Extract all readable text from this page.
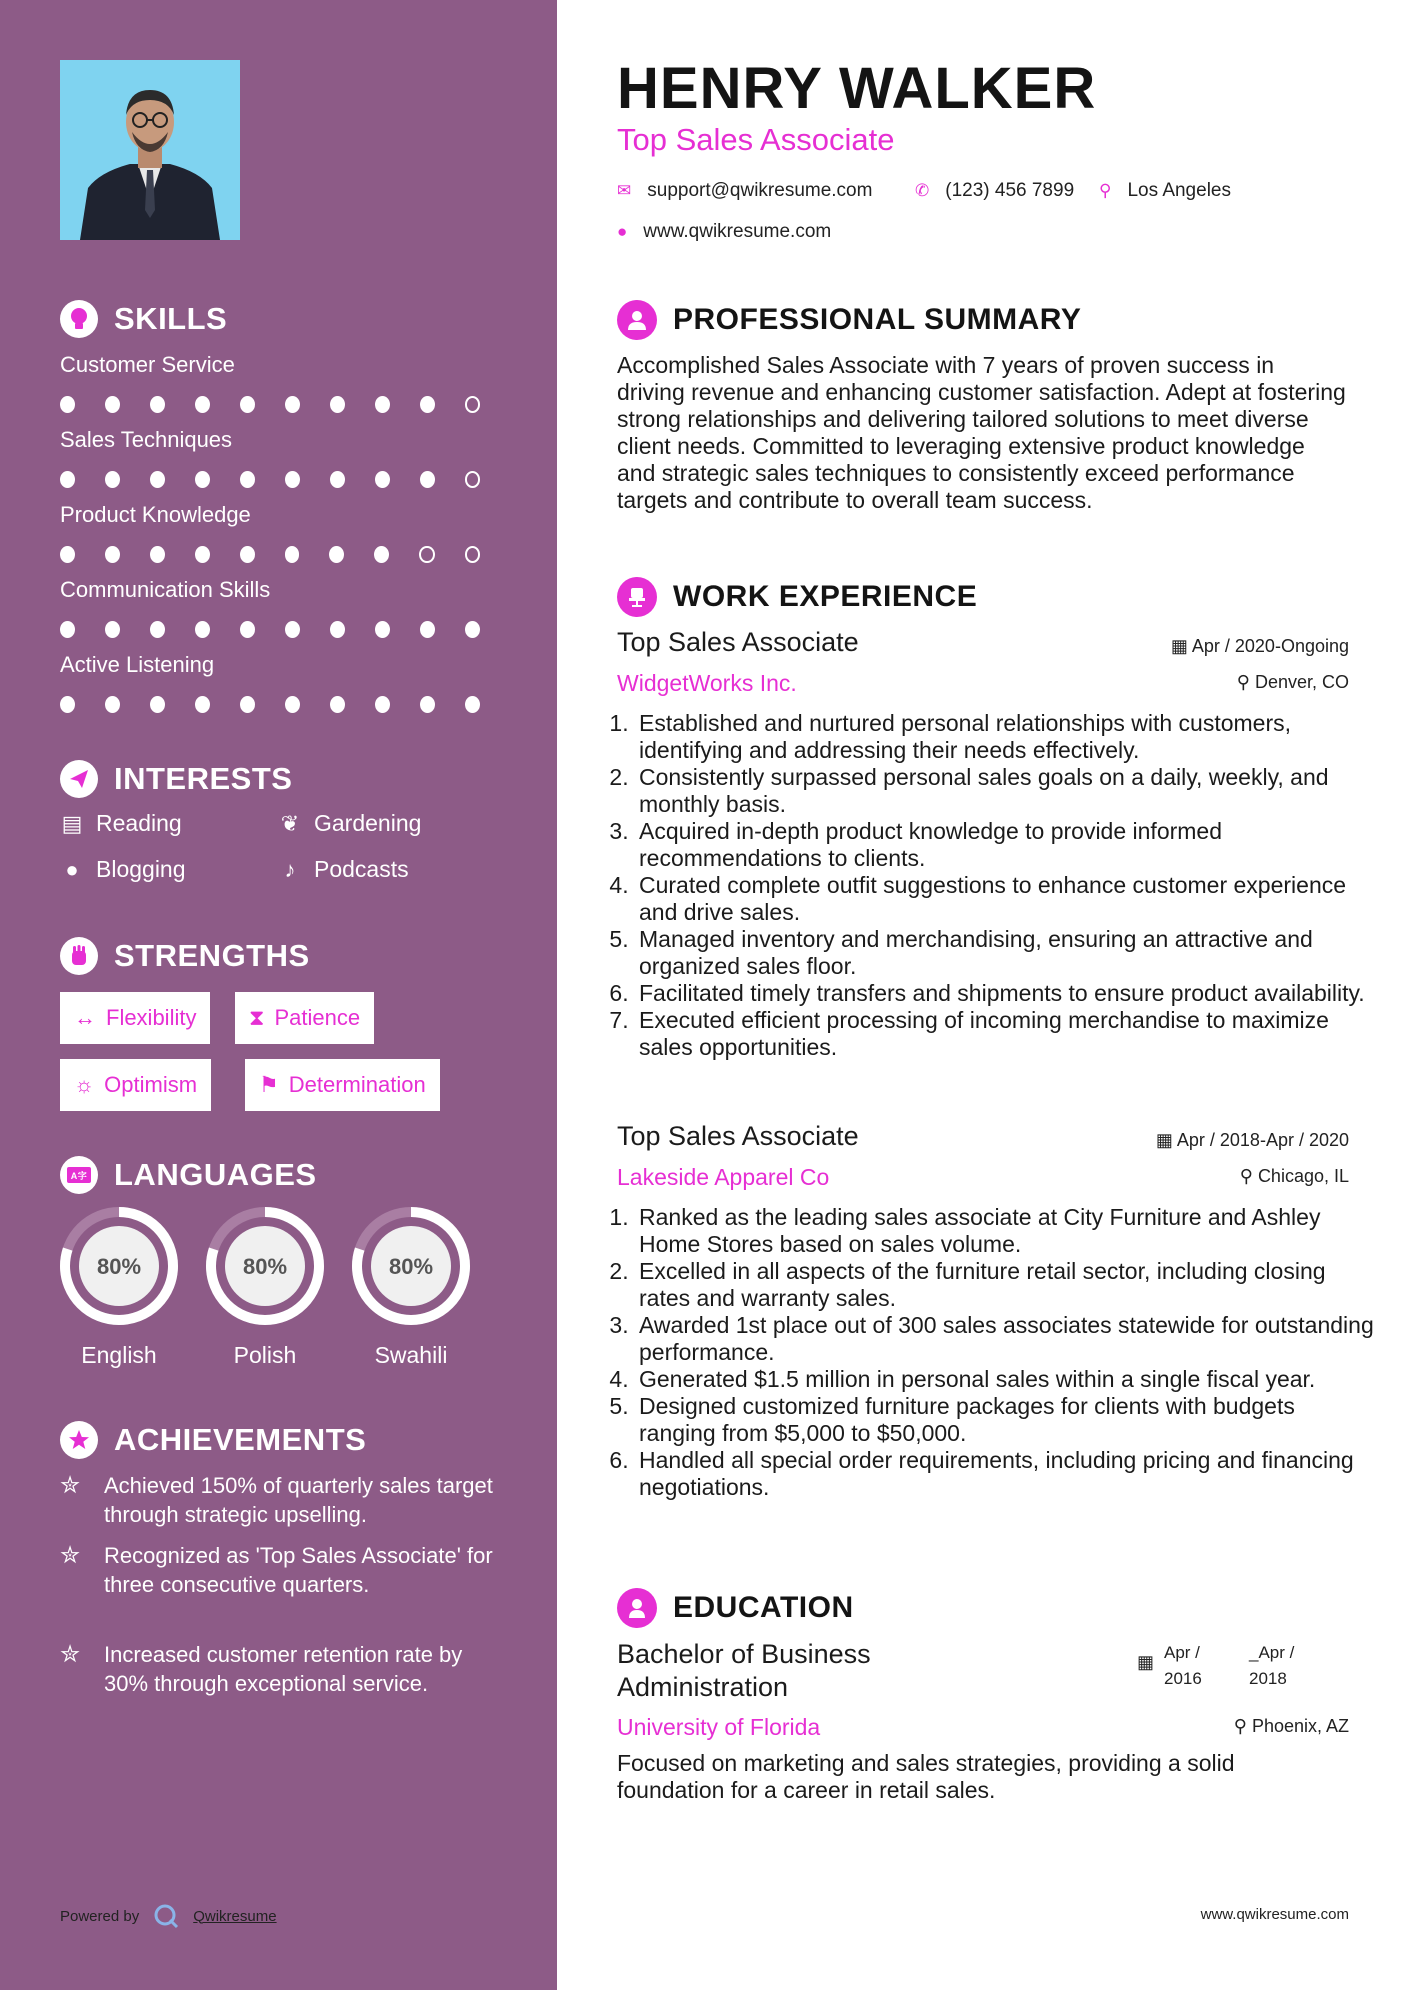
SKILLS
Customer Service
Sales Techniques
Product Knowledge
Communication Skills
Active Listening
INTERESTS
▤ Reading	❦ Gardening
● Blogging	♪ Podcasts
STRENGTHS
↔ Flexibility ⧗ Patience
☼ Optimism	⚑ Determination
A字 LANGUAGES
80%
English
80%
Polish
80%
Swahili
ACHIEVEMENTS
✮	Achieved 150% of quarterly sales target through strategic upselling.
✮	Recognized as 'Top Sales Associate' for three consecutive quarters.
✮	Increased customer retention rate by 30% through exceptional service.
Powered by	Qwikresume
HENRY WALKER
Top Sales Associate
✉ support@qwikresume.com	✆ (123) 456 7899 ⚲ Los Angeles
● www.qwikresume.com
PROFESSIONAL SUMMARY
Accomplished Sales Associate with 7 years of proven success in driving revenue and enhancing customer satisfaction. Adept at fostering strong relationships and delivering tailored solutions to meet diverse client needs. Committed to leveraging extensive product knowledge and strategic sales techniques to consistently exceed performance targets and contribute to overall team success.
WORK EXPERIENCE
Top Sales Associate	▦ Apr / 2020-Ongoing
WidgetWorks Inc.	⚲ Denver, CO
1. Established and nurtured personal relationships with customers, identifying and addressing their needs effectively.
2. Consistently surpassed personal sales goals on a daily, weekly, and monthly basis.
3. Acquired in-depth product knowledge to provide informed recommendations to clients.
4. Curated complete outfit suggestions to enhance customer experience and drive sales.
5. Managed inventory and merchandising, ensuring an attractive and organized sales floor.
6. Facilitated timely transfers and shipments to ensure product availability.
7. Executed efficient processing of incoming merchandise to maximize sales opportunities.
Top Sales Associate	▦ Apr / 2018-Apr / 2020
Lakeside Apparel Co	⚲ Chicago, IL
1. Ranked as the leading sales associate at City Furniture and Ashley Home Stores based on sales volume.
2. Excelled in all aspects of the furniture retail sector, including closing rates and warranty sales.
3. Awarded 1st place out of 300 sales associates statewide for outstanding performance.
4. Generated $1.5 million in personal sales within a single fiscal year.
5. Designed customized furniture packages for clients with budgets ranging from $5,000 to $50,000.
6. Handled all special order requirements, including pricing and financing negotiations.
EDUCATION
Bachelor of Business Administration
▦ Apr / 2016
_Apr / 2018
University of Florida	⚲ Phoenix, AZ
Focused on marketing and sales strategies, providing a solid foundation for a career in retail sales.
www.qwikresume.com
